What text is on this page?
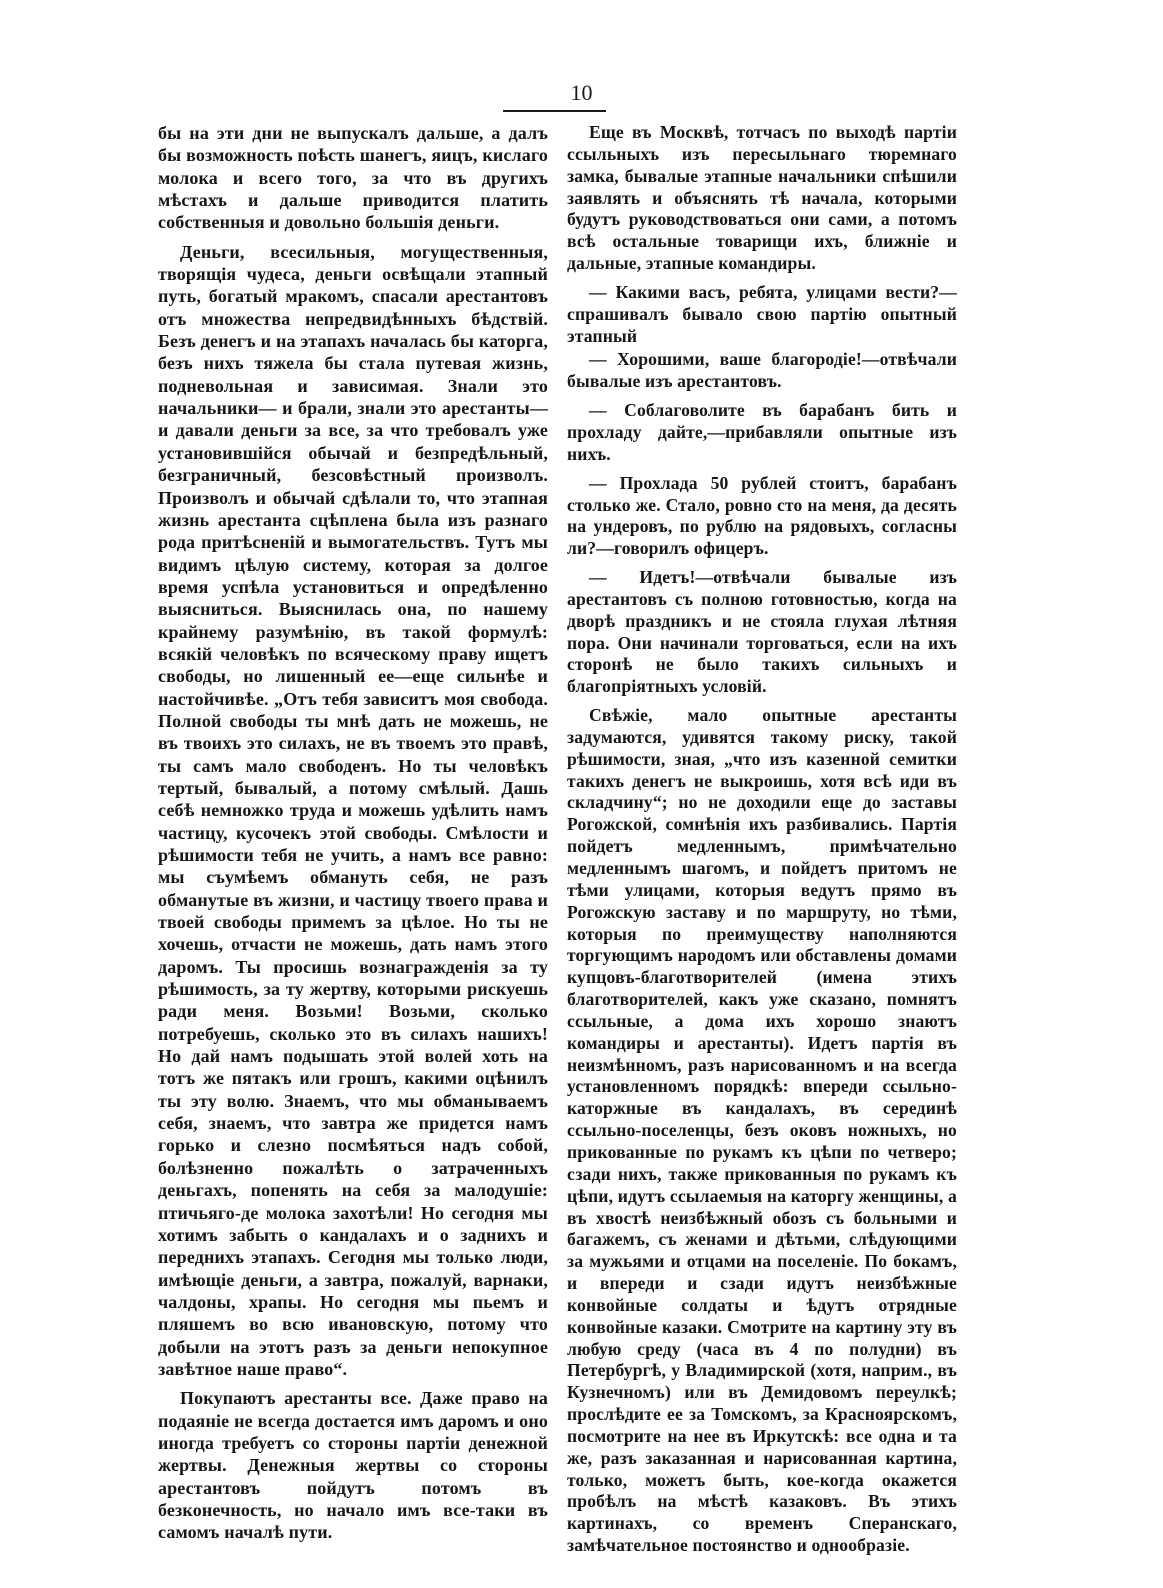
10

бы на эти дни не выпускалъ дальше, а далъ бы возможность поѣсть шанегъ, яицъ, кислаго молока и всего того, за что въ другихъ мѣстахъ и дальше приводится платить собственныя и довольно большія деньги.

Деньги, всесильныя, могущественныя, творящія чудеса, деньги освѣщали этапный путь, богатый мракомъ, спасали арестантовъ отъ множества непредвидѣнныхъ бѣдствій. Безъ денегъ и на этапахъ началась бы каторга, безъ нихъ тяжела бы стала путевая жизнь, подневольная и зависимая. Знали это начальники— и брали, знали это арестанты—и давали деньги за все, за что требовалъ уже установившійся обычай и безпредѣльный, безграничный, безсовѣстный произволъ. Произволъ и обычай сдѣлали то, что этапная жизнь арестанта сцѣплена была изъ разнаго рода притѣсненій и вымогательствъ. Тутъ мы видимъ цѣлую систему, которая за долгое время успѣла установиться и опредѣленно выясниться. Выяснилась она, по нашему крайнему разумѣнію, въ такой формулѣ: всякій человѣкъ по всяческому праву ищетъ свободы, но лишенный ее—еще сильнѣе и настойчивѣе. „Отъ тебя зависитъ моя свобода. Полной свободы ты мнѣ дать не можешь, не въ твоихъ это силахъ, не въ твоемъ это правѣ, ты самъ мало свободенъ. Но ты человѣкъ тертый, бывалый, а потому смѣлый. Дашь себѣ немножко труда и можешь удѣлить намъ частицу, кусочекъ этой свободы. Смѣлости и рѣшимости тебя не учить, а намъ все равно: мы съумѣемъ обмануть себя, не разъ обманутые въ жизни, и частицу твоего права и твоей свободы примемъ за цѣлое. Но ты не хочешь, отчасти не можешь, дать намъ этого даромъ. Ты просишь вознагражденія за ту рѣшимость, за ту жертву, которыми рискуешь ради меня. Возьми! Возьми, сколько потребуешь, сколько это въ силахъ нашихъ! Но дай намъ подышать этой волей хоть на тотъ же пятакъ или грошъ, какими оцѣнилъ ты эту волю. Знаемъ, что мы обманываемъ себя, знаемъ, что завтра же придется намъ горько и слезно посмѣяться надъ собой, болѣзненно пожалѣть о затраченныхъ деньгахъ, попенять на себя за малодушіе: птичьяго-де молока захотѣли! Но сегодня мы хотимъ забыть о кандалахъ и о заднихъ и переднихъ этапахъ. Сегодня мы только люди, имѣющіе деньги, а завтра, пожалуй, варнаки, чалдоны, храпы. Но сегодня мы пьемъ и пляшемъ во всю ивановскую, потому что добыли на этотъ разъ за деньги непокупное завѣтное наше право“.

Покупаютъ арестанты все. Даже право на подаяніе не всегда достается имъ даромъ и оно иногда требуетъ со стороны партіи денежной жертвы. Денежныя жертвы со стороны арестантовъ пойдутъ потомъ въ безконечность, но начало имъ все-таки въ самомъ началѣ пути.

Еще въ Москвѣ, тотчасъ по выходѣ партіи ссыльныхъ изъ пересыльнаго тюремнаго замка, бывалые этапные начальники спѣшили заявлять и объяснять тѣ начала, которыми будутъ руководствоваться они сами, а потомъ всѣ остальные товарищи ихъ, ближніе и дальные, этапные командиры.

— Какими васъ, ребята, улицами вести?— спрашивалъ бывало свою партію опытный этапный

— Хорошими, ваше благородіе!—отвѣчали бывалые изъ арестантовъ.

— Соблаговолите въ барабанъ бить и прохладу дайте,—прибавляли опытные изъ нихъ.

— Прохлада 50 рублей стоитъ, барабанъ столько же. Стало, ровно сто на меня, да десять на ундеровъ, по рублю на рядовыхъ, согласны ли?—говорилъ офицеръ.

— Идетъ!—отвѣчали бывалые изъ арестантовъ съ полною готовностью, когда на дворѣ праздникъ и не стояла глухая лѣтняя пора. Они начинали торговаться, если на ихъ сторонѣ не было такихъ сильныхъ и благопріятныхъ условій.

Свѣжіе, мало опытные арестанты задумаются, удивятся такому риску, такой рѣшимости, зная, „что изъ казенной семитки такихъ денегъ не выкроишь, хотя всѣ иди въ складчину“; но не доходили еще до заставы Рогожской, сомнѣнія ихъ разбивались. Партія пойдетъ медленнымъ, примѣчательно медленнымъ шагомъ, и пойдетъ притомъ не тѣми улицами, которыя ведутъ прямо въ Рогожскую заставу и по маршруту, но тѣми, которыя по преимуществу наполняются торгующимъ народомъ или обставлены домами купцовъ-благотворителей (имена этихъ благотворителей, какъ уже сказано, помнятъ ссыльные, а дома ихъ хорошо знаютъ командиры и арестанты). Идетъ партія въ неизмѣнномъ, разъ нарисованномъ и на всегда установленномъ порядкѣ: впереди ссыльно-каторжные въ кандалахъ, въ серединѣ ссыльно-поселенцы, безъ оковъ ножныхъ, но прикованные по рукамъ къ цѣпи по четверо; сзади нихъ, также прикованныя по рукамъ къ цѣпи, идутъ ссылаемыя на каторгу женщины, а въ хвостѣ неизбѣжный обозъ съ больными и багажемъ, съ женами и дѣтьми, слѣдующими за мужьями и отцами на поселеніе. По бокамъ, и впереди и сзади идутъ неизбѣжные конвойные солдаты и ѣдутъ отрядные конвойные казаки. Смотрите на картину эту въ любую среду (часа въ 4 по полудни) въ Петербургѣ, у Владимирской (хотя, наприм., въ Кузнечномъ) или въ Демидовомъ переулкѣ; прослѣдите ее за Томскомъ, за Красноярскомъ, посмотрите на нее въ Иркутскѣ: все одна и та же, разъ заказанная и нарисованная картина, только, можетъ быть, кое-когда окажется пробѣлъ на мѣстѣ казаковъ. Въ этихъ картинахъ, со временъ Сперанскаго, замѣчательное постоянство и однообразіе.
